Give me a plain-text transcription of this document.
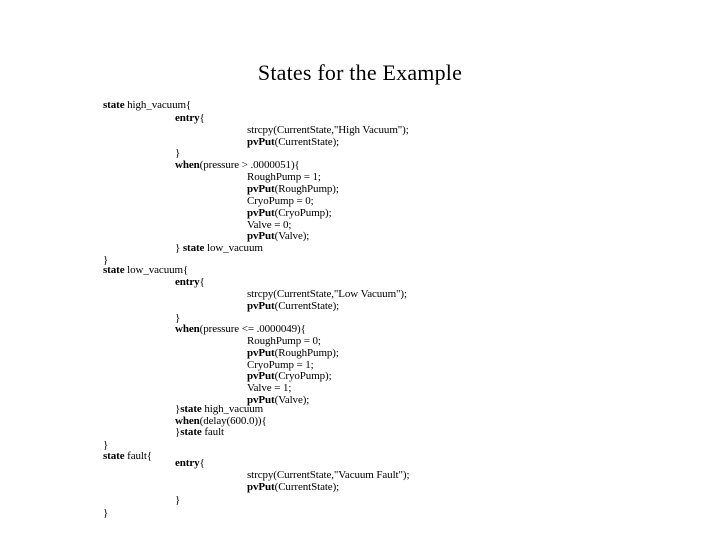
States for the Example
state high_vacuum{
entry{
strcpy(CurrentState,"High Vacuum");
pvPut(CurrentState);
}
when(pressure > .0000051){
RoughPump = 1;
pvPut(RoughPump);
CryoPump = 0;
pvPut(CryoPump);
Valve = 0;
pvPut(Valve);
} state low_vacuum
}
state low_vacuum{
entry{
strcpy(CurrentState,"Low Vacuum");
pvPut(CurrentState);
}
when(pressure <= .0000049){
RoughPump = 0;
pvPut(RoughPump);
CryoPump = 1;
pvPut(CryoPump);
Valve = 1;
pvPut(Valve);
}state high_vacuum
when(delay(600.0)){
}state fault
}
state fault{
strcpy(CurrentState,"Vacuum Fault");
pvPut(CurrentState);
}
}
entry{
